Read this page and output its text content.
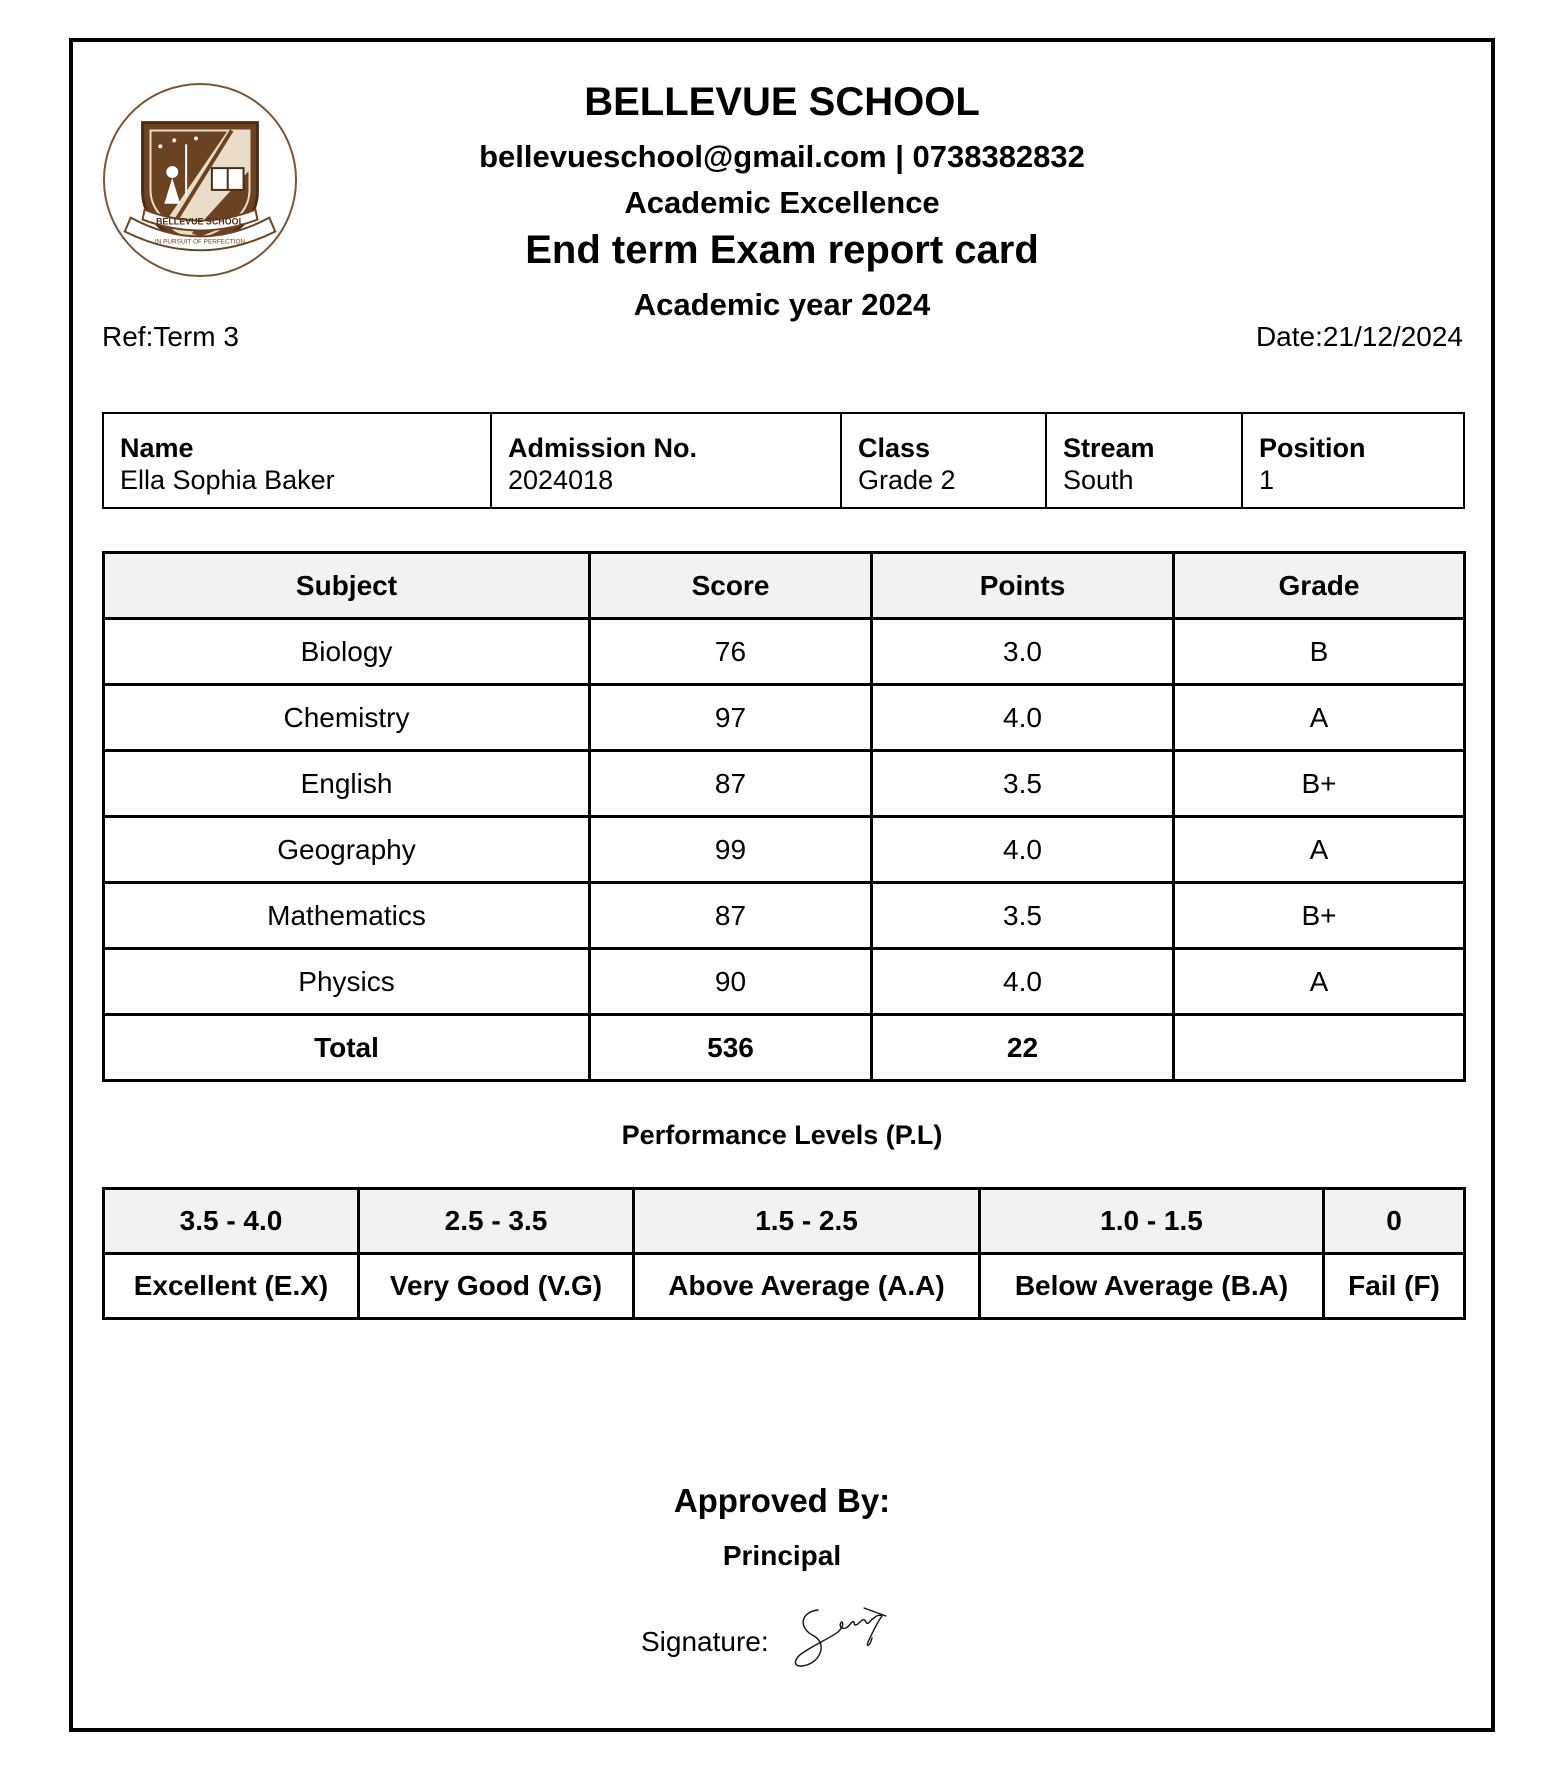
BELLEVUE SCHOOL
IN PURSUIT OF PERFECTION
BELLEVUE SCHOOL
bellevueschool@gmail.com | 0738382832
Academic Excellence
End term Exam report card
Academic year 2024
Ref:Term 3	Date:21/12/2024
Name
Ella Sophia Baker

Admission No.
2024018

Class
Grade 2

Stream
South

Position
1
Subject	Score	Points	Grade
Biology	76	3.0	B
Chemistry	97	4.0	A
English	87	3.5	B+
Geography	99	4.0	A
Mathematics	87	3.5	B+
Physics	90	4.0	A
Total	536	22	
Performance Levels (P.L)
3.5 - 4.0	2.5 - 3.5	1.5 - 2.5	1.0 - 1.5	0
Excellent (E.X)	Very Good (V.G)	Above Average (A.A)	Below Average (B.A)	Fail (F)
Approved By:
Principal
Signature:
